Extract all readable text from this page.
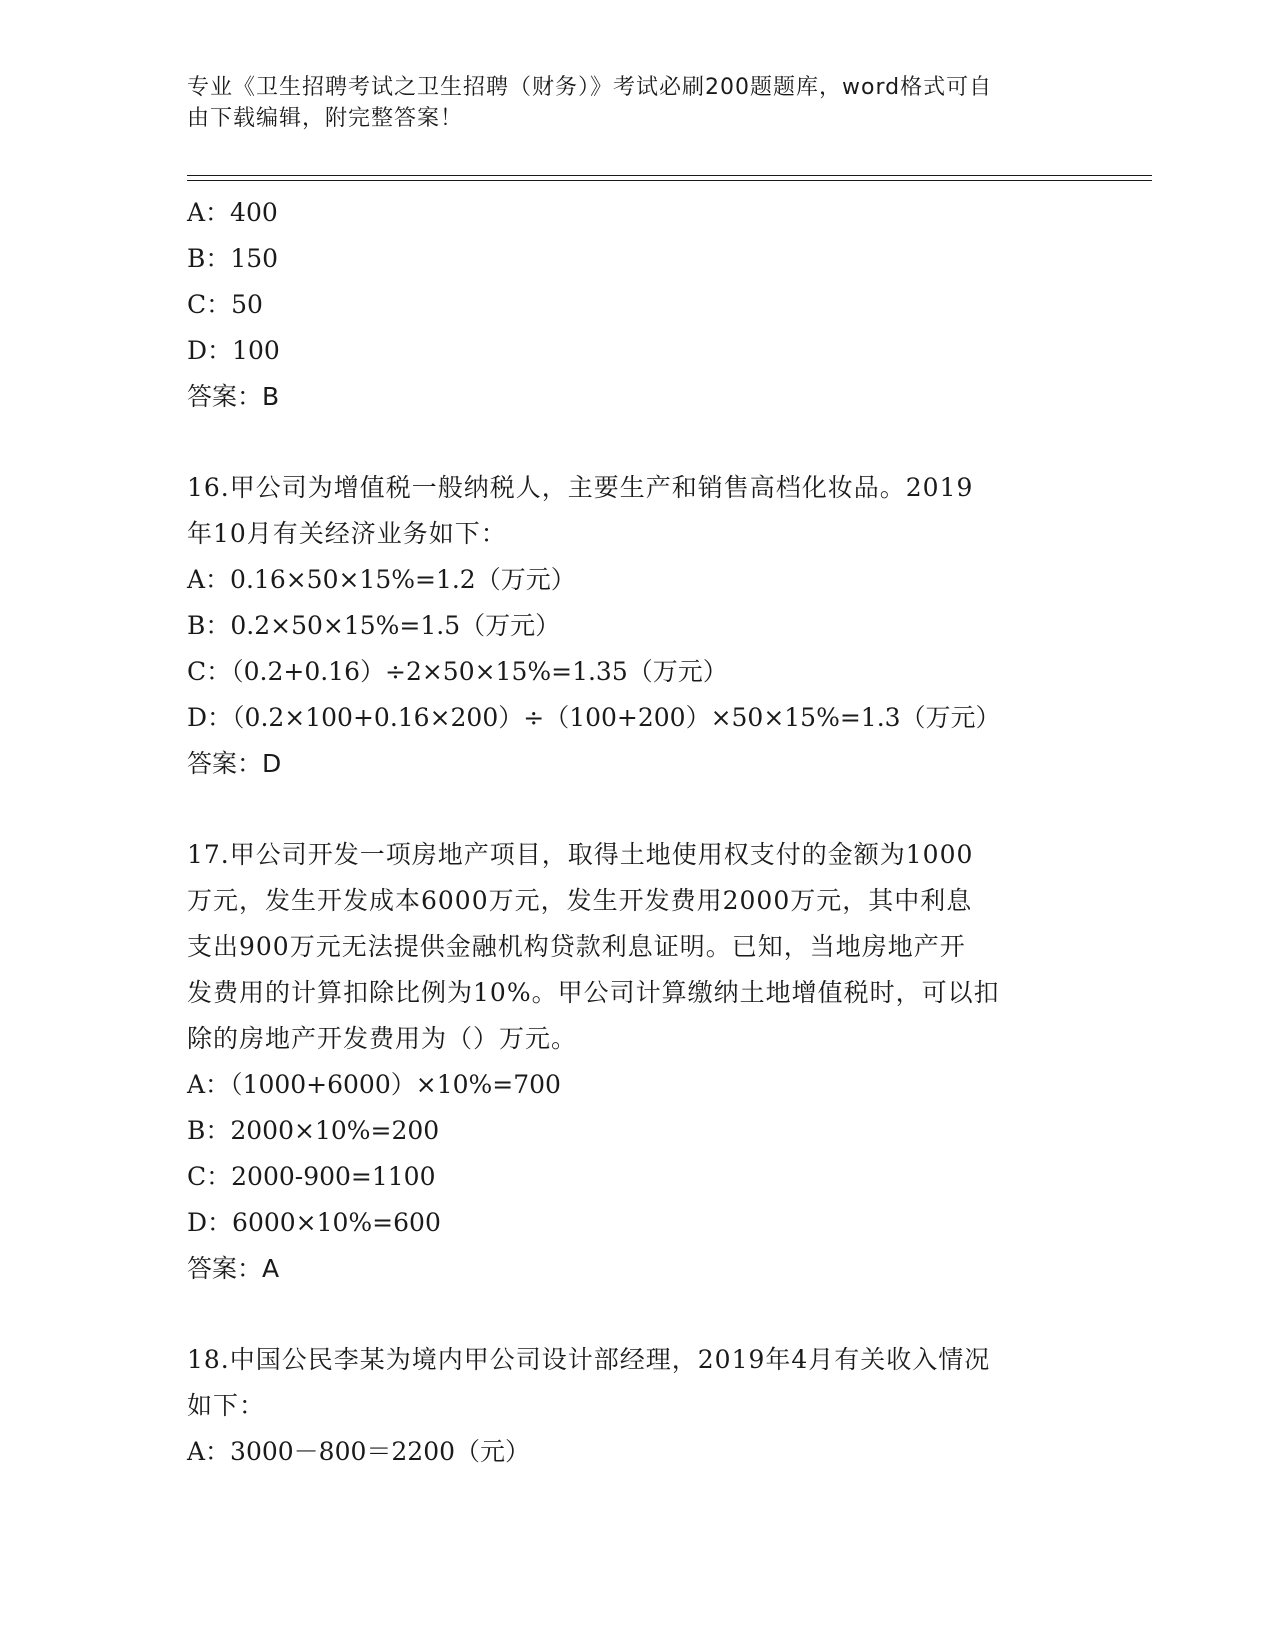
专业《卫生招聘考试之卫生招聘（财务）》考试必刷200题题库，word格式可自
由下载编辑，附完整答案！
A：400
B：150
C：50
D：100
答案：B
16.甲公司为增值税一般纳税人，主要生产和销售高档化妆品。2019
年10月有关经济业务如下：
A：0.16×50×15%=1.2（万元）
B：0.2×50×15%=1.5（万元）
C：（0.2+0.16）÷2×50×15%=1.35（万元）
D：（0.2×100+0.16×200）÷（100+200）×50×15%=1.3（万元）
答案：D
17.甲公司开发一项房地产项目，取得土地使用权支付的金额为1000
万元，发生开发成本6000万元，发生开发费用2000万元，其中利息
支出900万元无法提供金融机构贷款利息证明。已知，当地房地产开
发费用的计算扣除比例为10%。甲公司计算缴纳土地增值税时，可以扣
除的房地产开发费用为（）万元。
A：（1000+6000）×10%=700
B：2000×10%=200
C：2000-900=1100
D：6000×10%=600
答案：A
18.中国公民李某为境内甲公司设计部经理，2019年4月有关收入情况
如下：
A：3000－800＝2200（元）
